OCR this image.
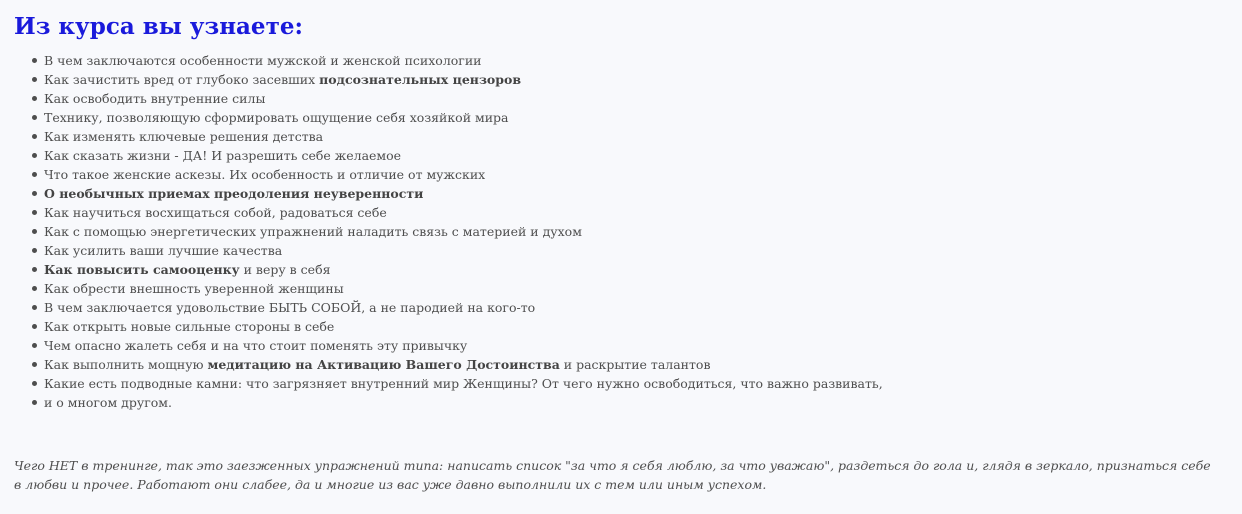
Из курса вы узнаете:
В чем заключаются особенности мужской и женской психологии
Как зачистить вред от глубоко засевших подсознательных цензоров
Как освободить внутренние силы
Технику, позволяющую сформировать ощущение себя хозяйкой мира
Как изменять ключевые решения детства
Как сказать жизни - ДА! И разрешить себе желаемое
Что такое женские аскезы. Их особенность и отличие от мужских
О необычных приемах преодоления неуверенности
Как научиться восхищаться собой, радоваться себе
Как с помощью энергетических упражнений наладить связь с материей и духом
Как усилить ваши лучшие качества
Как повысить самооценку и веру в себя
Как обрести внешность уверенной женщины
В чем заключается удовольствие БЫТЬ СОБОЙ, а не пародией на кого-то
Как открыть новые сильные стороны в себе
Чем опасно жалеть себя и на что стоит поменять эту привычку
Как выполнить мощную медитацию на Активацию Вашего Достоинства и раскрытие талантов
Какие есть подводные камни: что загрязняет внутренний мир Женщины? От чего нужно освободиться, что важно развивать,
и о многом другом.

Чего НЕТ в тренинге, так это заезженных упражнений типа: написать список "за что я себя люблю, за что уважаю", раздеться до гола и, глядя в зеркало, признаться себе в любви и прочее. Работают они слабее, да и многие из вас уже давно выполнили их с тем или иным успехом.
